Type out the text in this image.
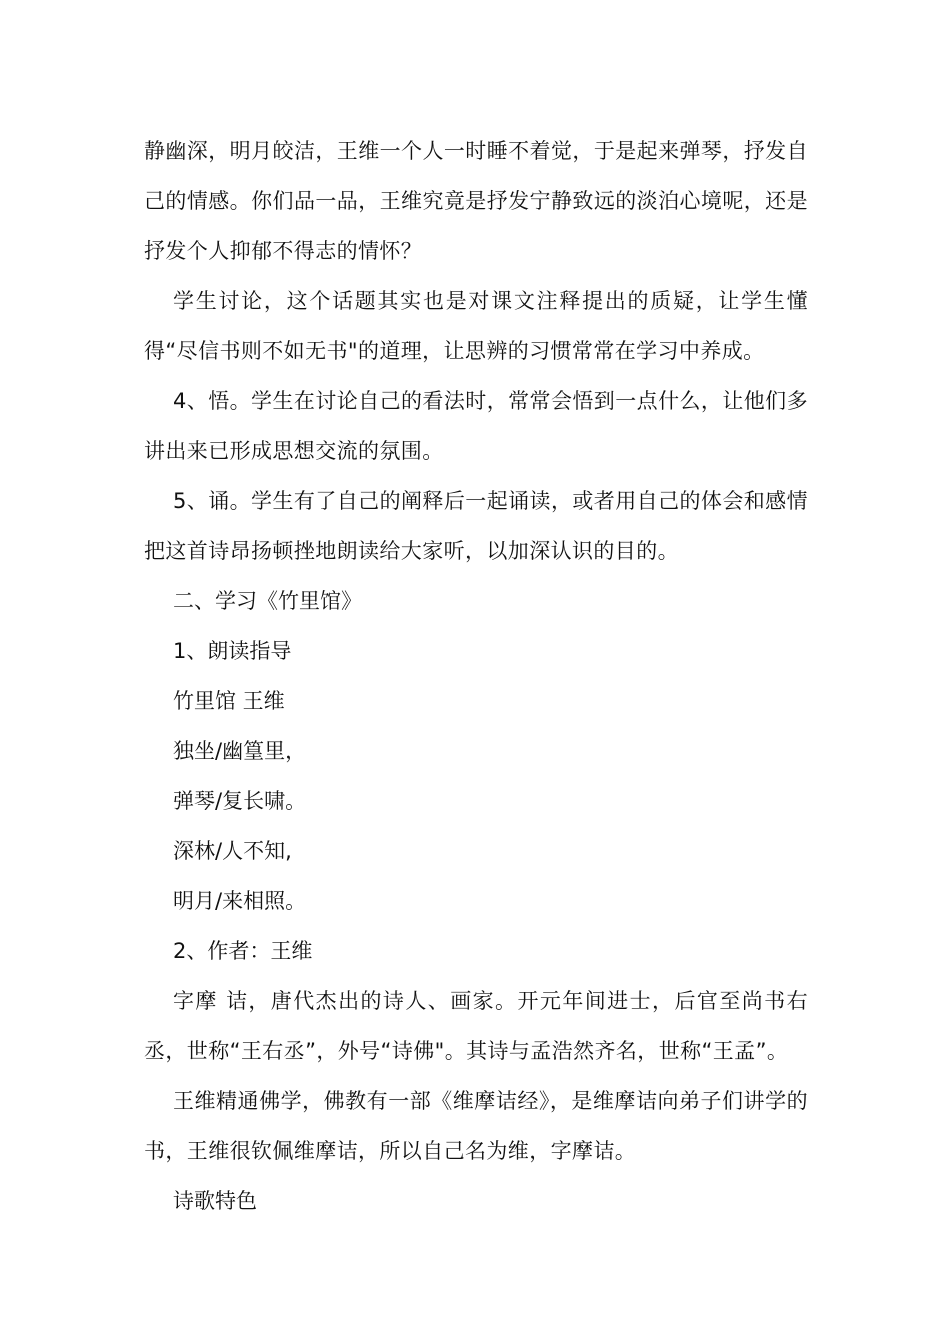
静幽深，明月皎洁，王维一个人一时睡不着觉，于是起来弹琴，抒发自己的情感。你们品一品，王维究竟是抒发宁静致远的淡泊心境呢，还是抒发个人抑郁不得志的情怀？

学生讨论，这个话题其实也是对课文注释提出的质疑，让学生懂得“尽信书则不如无书"的道理，让思辨的习惯常常在学习中养成。

4、悟。学生在讨论自己的看法时，常常会悟到一点什么，让他们多讲出来已形成思想交流的氛围。

5、诵。学生有了自己的阐释后一起诵读，或者用自己的体会和感情把这首诗昂扬顿挫地朗读给大家听，以加深认识的目的。

二、学习《竹里馆》

1、朗读指导

竹里馆 王维

独坐/幽篁里，

弹琴/复长啸。

深林/人不知,

明月/来相照。

2、作者：王维

字摩 诘，唐代杰出的诗人、画家。开元年间进士，后官至尚书右丞，世称“王右丞”，外号“诗佛"。其诗与孟浩然齐名，世称“王孟”。

王维精通佛学，佛教有一部《维摩诘经》，是维摩诘向弟子们讲学的书，王维很钦佩维摩诘，所以自己名为维，字摩诘。

诗歌特色
